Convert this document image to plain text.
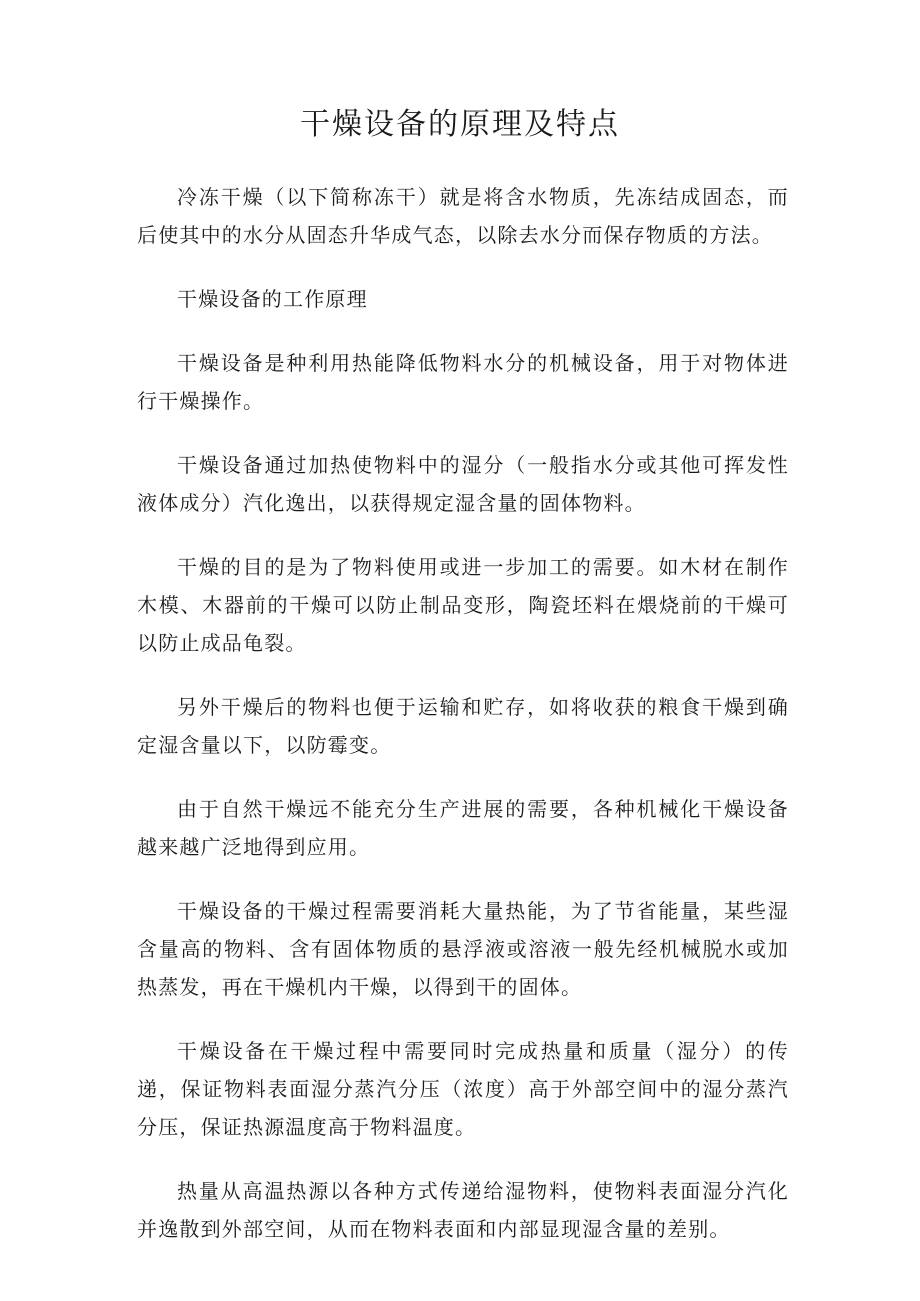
干燥设备的原理及特点

冷冻干燥（以下简称冻干）就是将含水物质，先冻结成固态，而后使其中的水分从固态升华成气态，以除去水分而保存物质的方法。

干燥设备的工作原理

干燥设备是种利用热能降低物料水分的机械设备，用于对物体进行干燥操作。

干燥设备通过加热使物料中的湿分（一般指水分或其他可挥发性液体成分）汽化逸出，以获得规定湿含量的固体物料。

干燥的目的是为了物料使用或进一步加工的需要。如木材在制作木模、木器前的干燥可以防止制品变形，陶瓷坯料在煨烧前的干燥可以防止成品龟裂。

另外干燥后的物料也便于运输和贮存，如将收获的粮食干燥到确定湿含量以下，以防霉变。

由于自然干燥远不能充分生产进展的需要，各种机械化干燥设备越来越广泛地得到应用。

干燥设备的干燥过程需要消耗大量热能，为了节省能量，某些湿含量高的物料、含有固体物质的悬浮液或溶液一般先经机械脱水或加热蒸发，再在干燥机内干燥，以得到干的固体。

干燥设备在干燥过程中需要同时完成热量和质量（湿分）的传递，保证物料表面湿分蒸汽分压（浓度）高于外部空间中的湿分蒸汽分压，保证热源温度高于物料温度。

热量从高温热源以各种方式传递给湿物料，使物料表面湿分汽化并逸散到外部空间，从而在物料表面和内部显现湿含量的差别。
